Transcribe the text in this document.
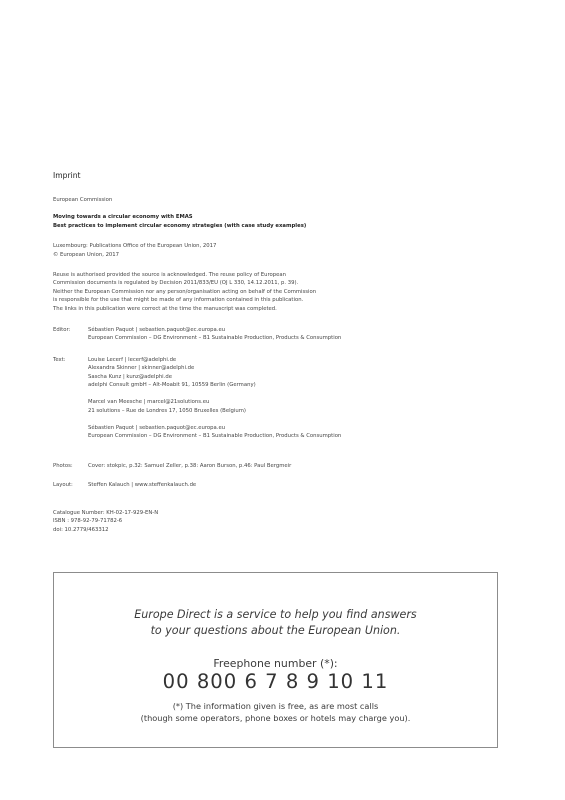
Imprint
European Commission
Moving towards a circular economy with EMAS
Best practices to implement circular economy strategies (with case study examples)
Luxembourg: Publications Office of the European Union, 2017
© European Union, 2017
Reuse is authorised provided the source is acknowledged. The reuse policy of European
Commission documents is regulated by Decision 2011/833/EU (OJ L 330, 14.12.2011, p. 39).
Neither the European Commission nor any person/organisation acting on behalf of the Commission
is responsible for the use that might be made of any information contained in this publication.
The links in this publication were correct at the time the manuscript was completed.
Editor:	Sébastien Paquot | sebastien.paquot@ec.europa.eu
European Commission – DG Environment – B1 Sustainable Production, Products & Consumption
Text:	Louise Lecerf | lecerf@adelphi.de
Alexandra Skinner | skinner@adelphi.de
Sascha Kunz | kunz@adelphi.de
adelphi Consult gmbH – Alt-Moabit 91, 10559 Berlin (Germany)
Marcel van Meesche | marcel@21solutions.eu
21 solutions – Rue de Londres 17, 1050 Bruxelles (Belgium)
Sébastien Paquot | sebastien.paquot@ec.europa.eu
European Commission – DG Environment – B1 Sustainable Production, Products & Consumption
Photos:	Cover: stokpic, p.32: Samuel Zeller, p.38: Aaron Burson, p.46: Paul Bergmeir
Layout:	Steffen Kalauch | www.steffenkalauch.de
Catalogue Number: KH-02-17-929-EN-N
ISBN : 978-92-79-71782-6
doi: 10.2779/463312
Europe Direct is a service to help you find answers
to your questions about the European Union.
Freephone number (*):
00 800 6 7 8 9 10 11
(*) The information given is free, as are most calls
(though some operators, phone boxes or hotels may charge you).
